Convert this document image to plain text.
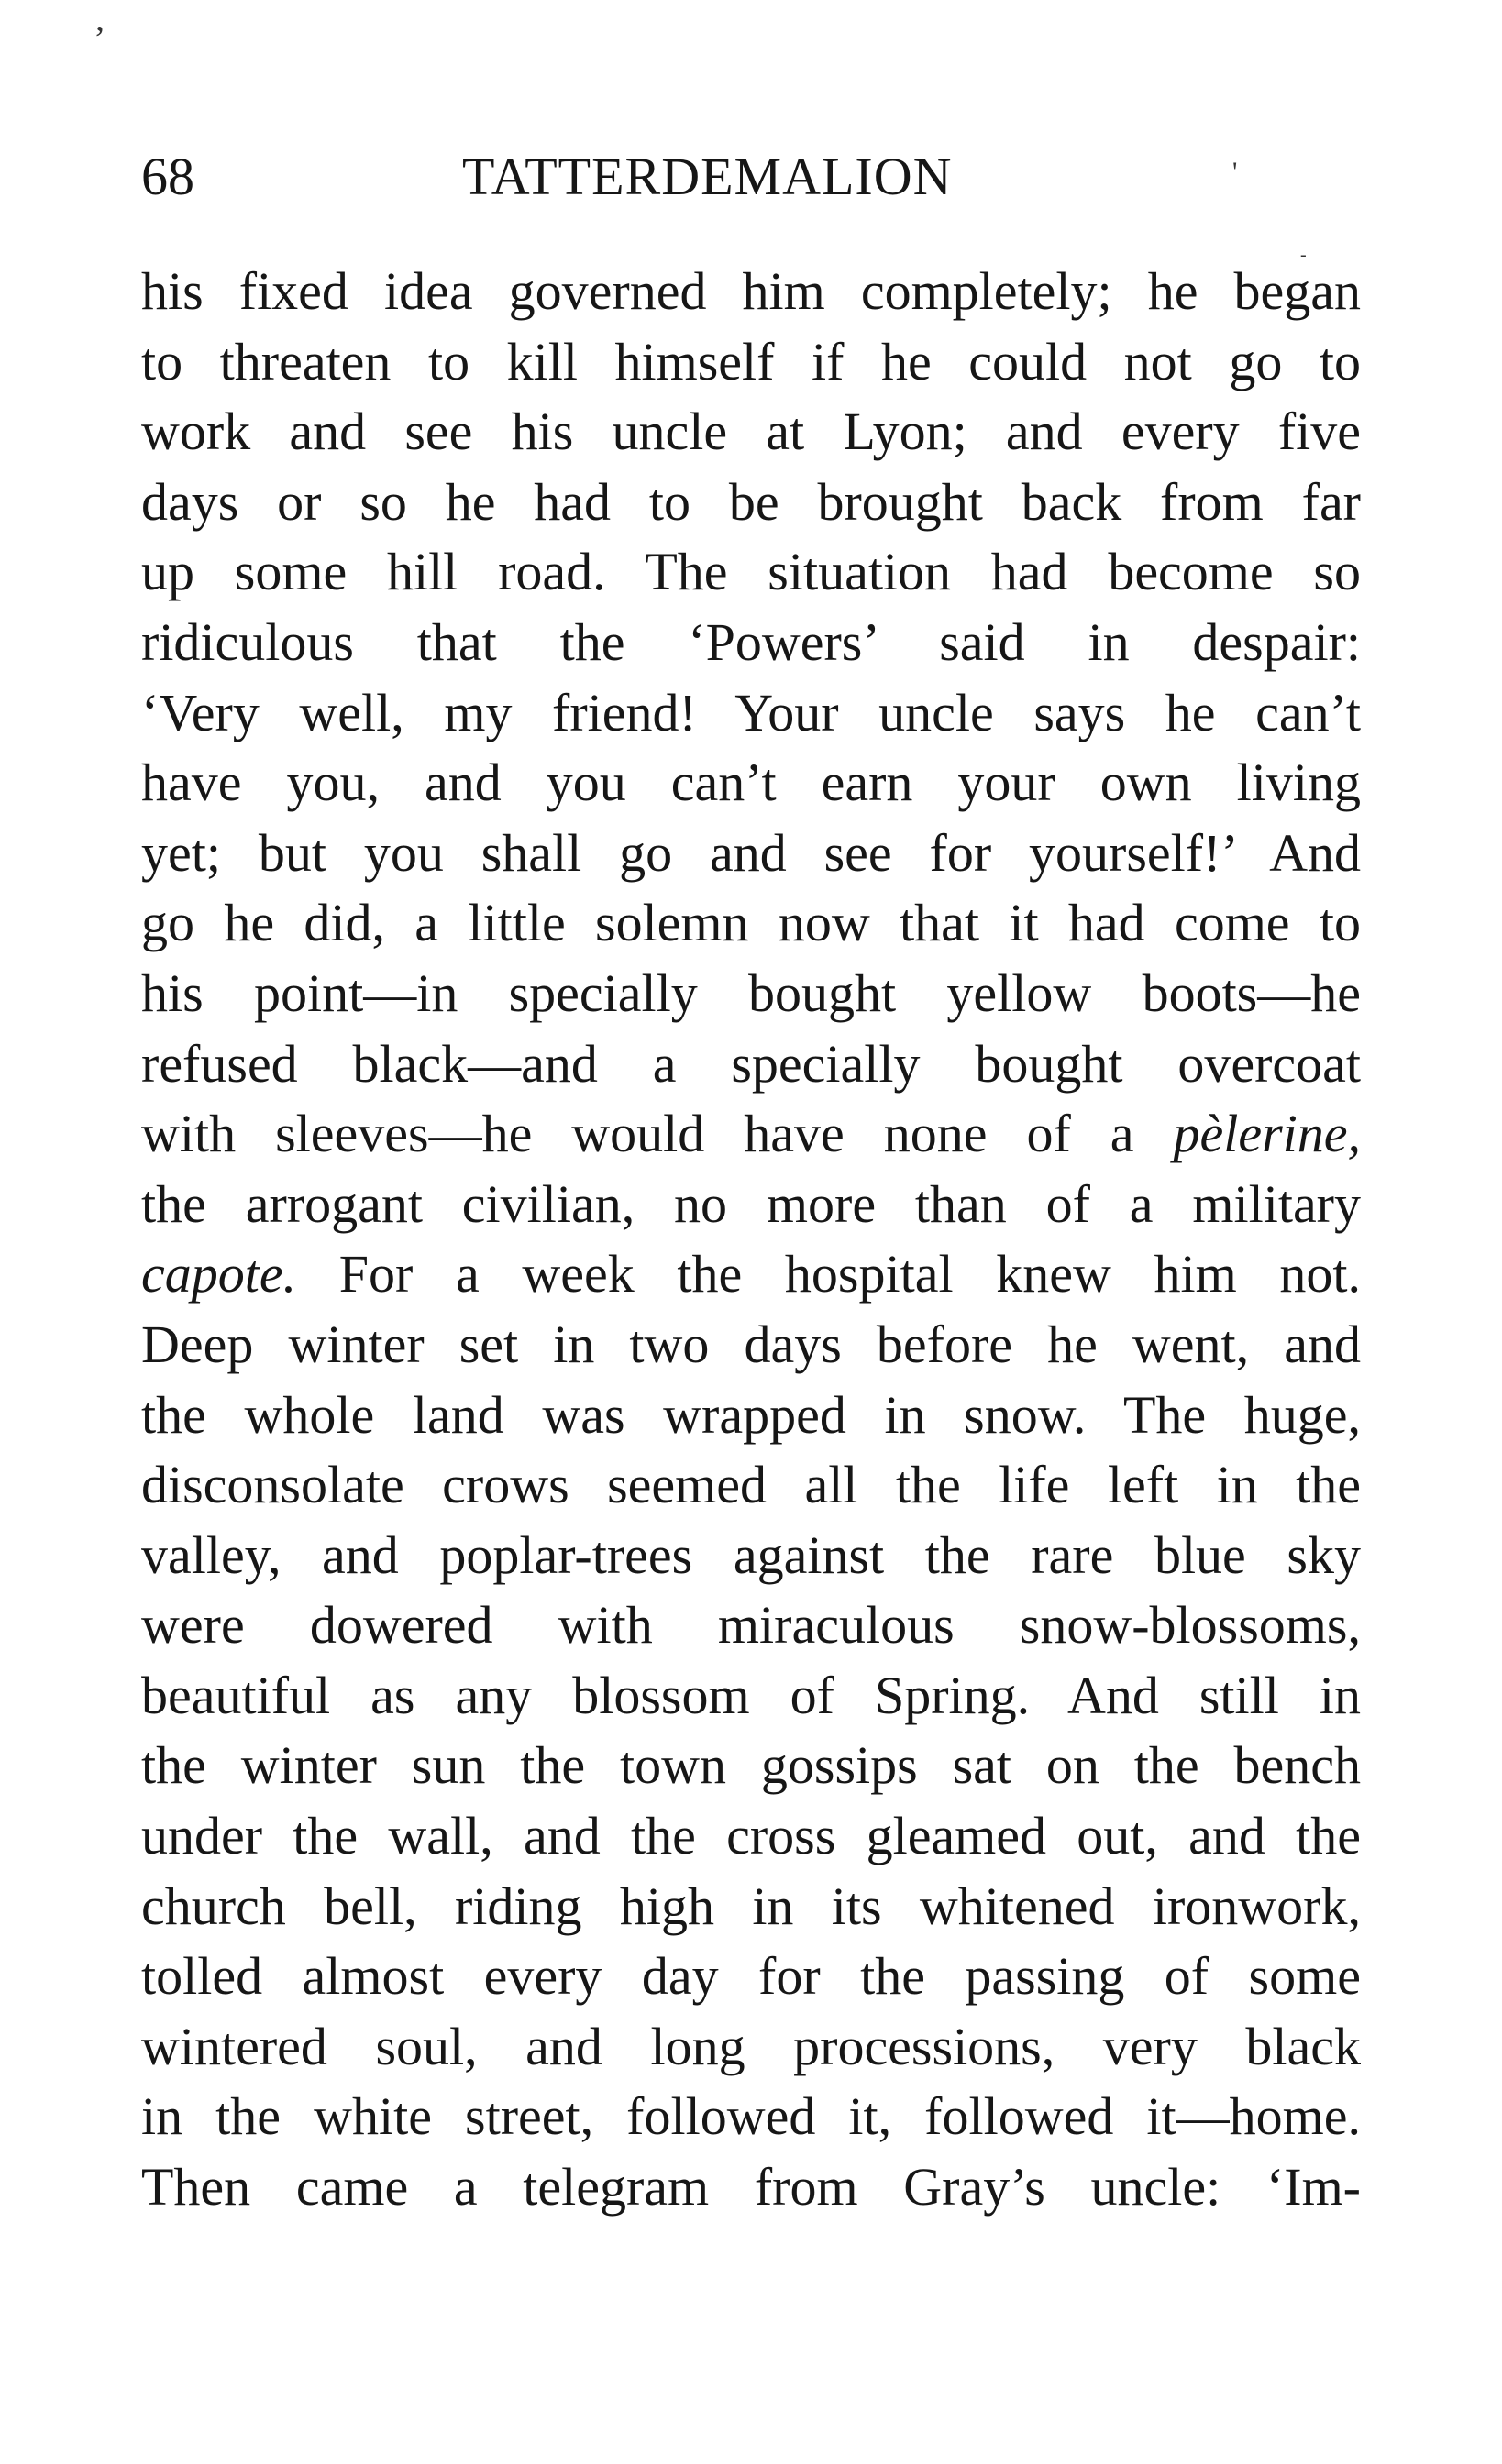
,
'
-
68	TATTERDEMALION
his fixed idea governed him completely; he began
to threaten to kill himself if he could not go to
work and see his uncle at Lyon; and every five
days or so he had to be brought back from far
up some hill road. The situation had become so
ridiculous that the ‘Powers’ said in despair:
‘Very well, my friend! Your uncle says he can’t
have you, and you can’t earn your own living
yet; but you shall go and see for yourself!’ And
go he did, a little solemn now that it had come to
his point—in specially bought yellow boots—he
refused black—and a specially bought overcoat
with sleeves—he would have none of a pèlerine,
the arrogant civilian, no more than of a military
capote. For a week the hospital knew him not.
Deep winter set in two days before he went, and
the whole land was wrapped in snow. The huge,
disconsolate crows seemed all the life left in the
valley, and poplar-trees against the rare blue sky
were dowered with miraculous snow-blossoms,
beautiful as any blossom of Spring. And still in
the winter sun the town gossips sat on the bench
under the wall, and the cross gleamed out, and the
church bell, riding high in its whitened ironwork,
tolled almost every day for the passing of some
wintered soul, and long processions, very black
in the white street, followed it, followed it—home.
Then came a telegram from Gray’s uncle: ‘Im-
